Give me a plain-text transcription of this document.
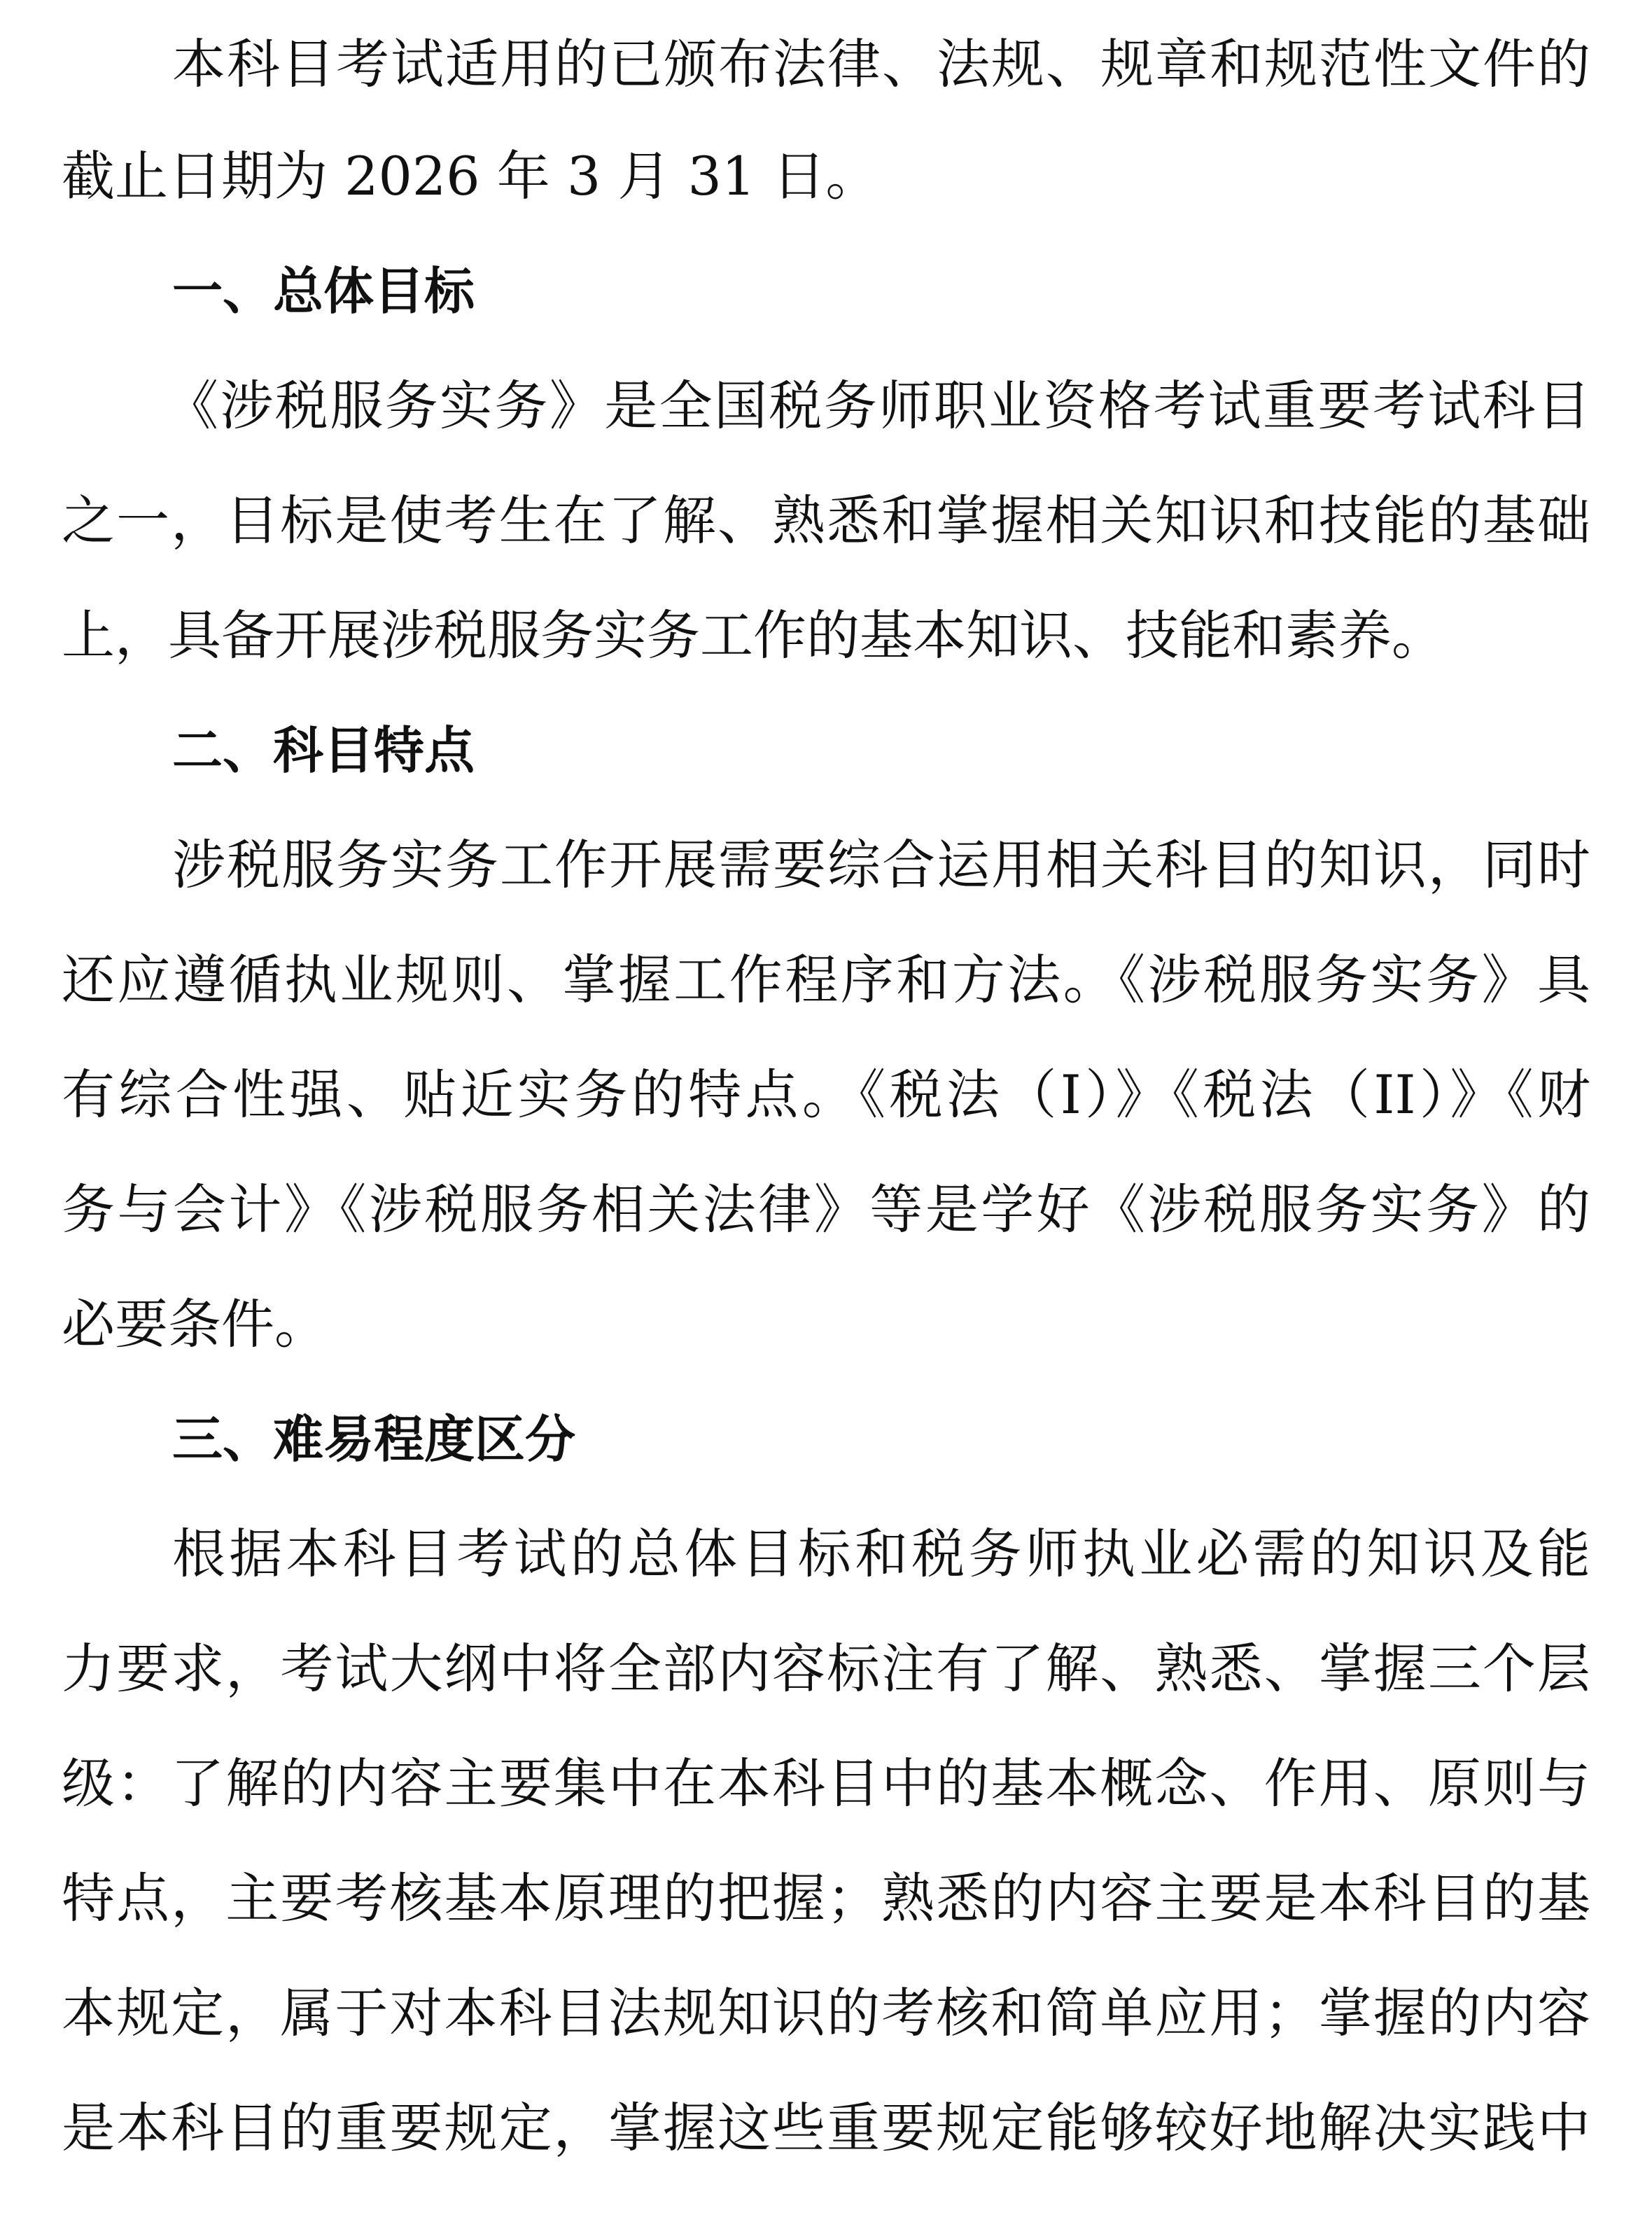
本科目考试适用的已颁布法律、法规、规章和规范性文件的

截止日期为 2026 年 3 月 31 日。

一、总体目标

《涉税服务实务》是全国税务师职业资格考试重要考试科目

之一，目标是使考生在了解、熟悉和掌握相关知识和技能的基础

上，具备开展涉税服务实务工作的基本知识、技能和素养。

二、科目特点

涉税服务实务工作开展需要综合运用相关科目的知识，同时

还应遵循执业规则、掌握工作程序和方法。《涉税服务实务》具

有综合性强、贴近实务的特点。《税法（Ⅰ）》《税法（II）》《财

务与会计》《涉税服务相关法律》等是学好《涉税服务实务》的

必要条件。

三、难易程度区分

根据本科目考试的总体目标和税务师执业必需的知识及能

力要求，考试大纲中将全部内容标注有了解、熟悉、掌握三个层

级：了解的内容主要集中在本科目中的基本概念、作用、原则与

特点，主要考核基本原理的把握；熟悉的内容主要是本科目的基

本规定，属于对本科目法规知识的考核和简单应用；掌握的内容

是本科目的重要规定，掌握这些重要规定能够较好地解决实践中
